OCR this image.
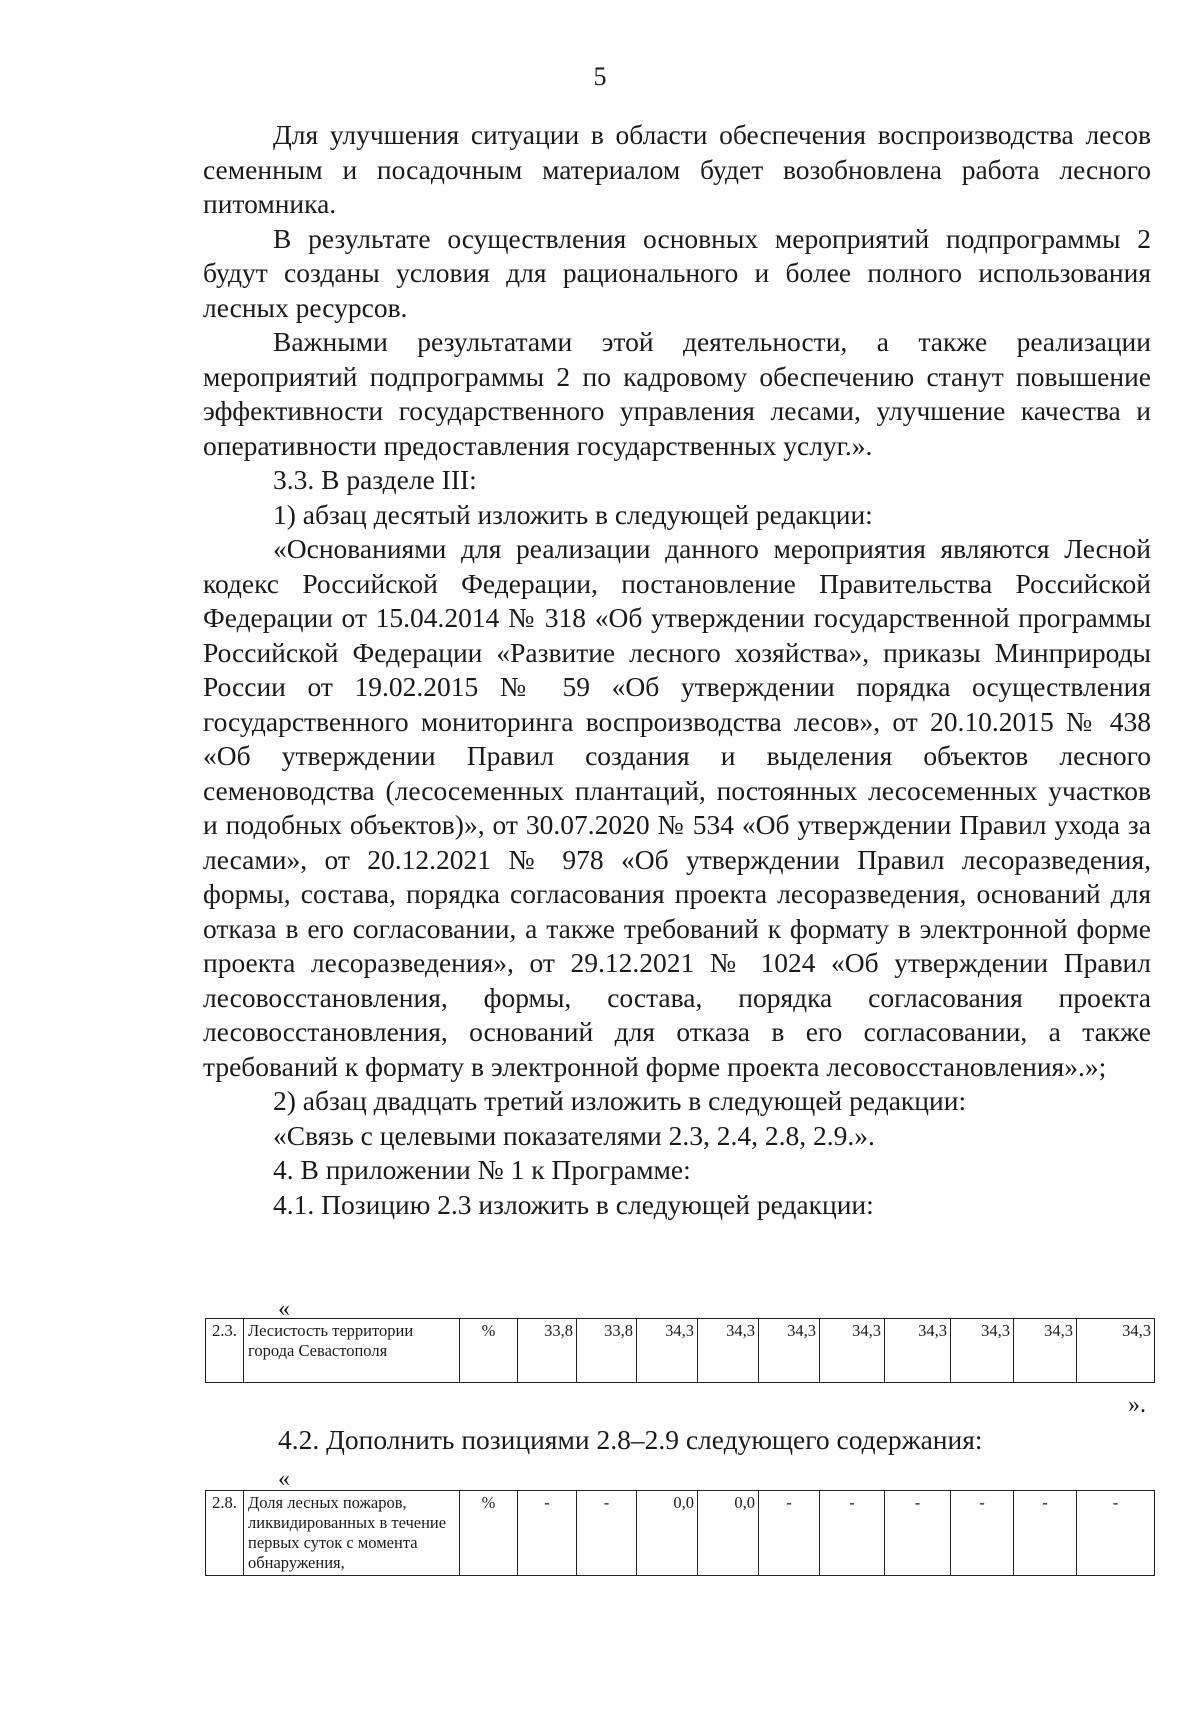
5

Для улучшения ситуации в области обеспечения воспроизводства лесов семенным и посадочным материалом будет возобновлена работа лесного питомника.

В результате осуществления основных мероприятий подпрограммы 2 будут созданы условия для рационального и более полного использования лесных ресурсов.

Важными результатами этой деятельности, а также реализации мероприятий подпрограммы 2 по кадровому обеспечению станут повышение эффективности государственного управления лесами, улучшение качества и оперативности предоставления государственных услуг.».

3.3. В разделе III:

1) абзац десятый изложить в следующей редакции:

«Основаниями для реализации данного мероприятия являются Лесной кодекс Российской Федерации, постановление Правительства Российской Федерации от 15.04.2014 № 318 «Об утверждении государственной программы Российской Федерации «Развитие лесного хозяйства», приказы Минприроды России от 19.02.2015 № 59 «Об утверждении порядка осуществления государственного мониторинга воспроизводства лесов», от 20.10.2015 № 438 «Об утверждении Правил создания и выделения объектов лесного семеноводства (лесосеменных плантаций, постоянных лесосеменных участков и подобных объектов)», от 30.07.2020 № 534 «Об утверждении Правил ухода за лесами», от 20.12.2021 № 978 «Об утверждении Правил лесоразведения, формы, состава, порядка согласования проекта лесоразведения, оснований для отказа в его согласовании, а также требований к формату в электронной форме проекта лесоразведения», от 29.12.2021 № 1024 «Об утверждении Правил лесовосстановления, формы, состава, порядка согласования проекта лесовосстановления, оснований для отказа в его согласовании, а также требований к формату в электронной форме проекта лесовосстановления».»;

2) абзац двадцать третий изложить в следующей редакции:

«Связь с целевыми показателями 2.3, 2.4, 2.8, 2.9.».

4. В приложении № 1 к Программе:

4.1. Позицию 2.3 изложить в следующей редакции:

«
2.3.	Лесистость территории города Севастополя	%	33,8	33,8	34,3	34,3	34,3	34,3	34,3	34,3	34,3	34,3
».
4.2. Дополнить позициями 2.8–2.9 следующего содержания:
«
2.8.	Доля лесных пожаров, ликвидированных в течение первых суток с момента обнаружения,	%	-	-	0,0	0,0	-	-	-	-	-	-
